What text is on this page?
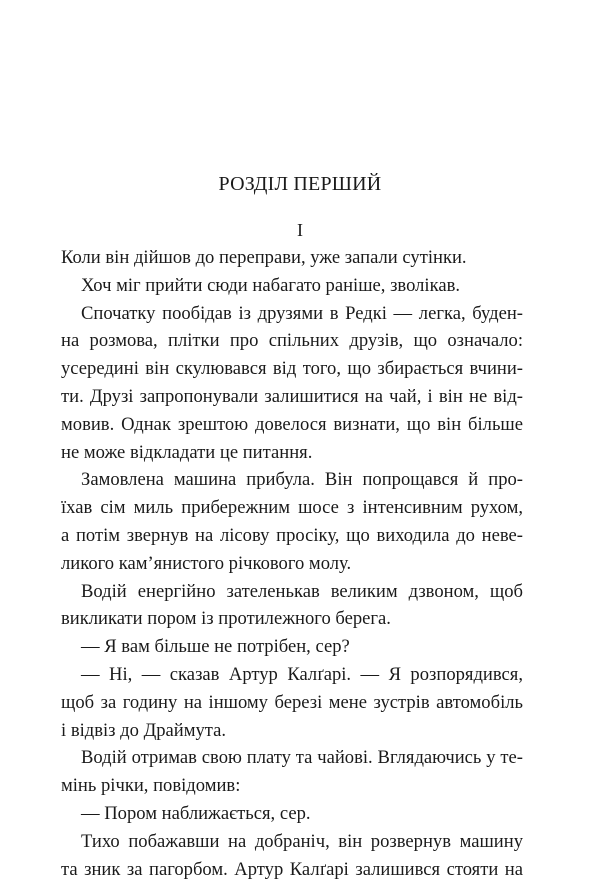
РОЗДІЛ ПЕРШИЙ
I
Коли він дійшов до переправи, уже запали сутінки.
Хоч міг прийти сюди набагато раніше, зволікав.
Спочатку пообідав із друзями в Редкі — легка, буден-
на розмова, плітки про спільних друзів, що означало:
усередині він скулювався від того, що збирається вчини-
ти. Друзі запропонували залишитися на чай, і він не від-
мовив. Однак зрештою довелося визнати, що він більше
не може відкладати це питання.
Замовлена машина прибула. Він попрощався й про-
їхав сім миль прибережним шосе з інтенсивним рухом,
а потім звернув на лісову просіку, що виходила до неве-
ликого кам’янистого річкового молу.
Водій енергійно зателенькав великим дзвоном, щоб
викликати пором із протилежного берега.
— Я вам більше не потрібен, сер?
— Ні, — сказав Артур Калґарі. — Я розпорядився,
щоб за годину на іншому березі мене зустрів автомобіль
і відвіз до Драймута.
Водій отримав свою плату та чайові. Вглядаючись у те-
мінь річки, повідомив:
— Пором наближається, сер.
Тихо побажавши на добраніч, він розвернув машину
та зник за пагорбом. Артур Калґарі залишився стояти на
